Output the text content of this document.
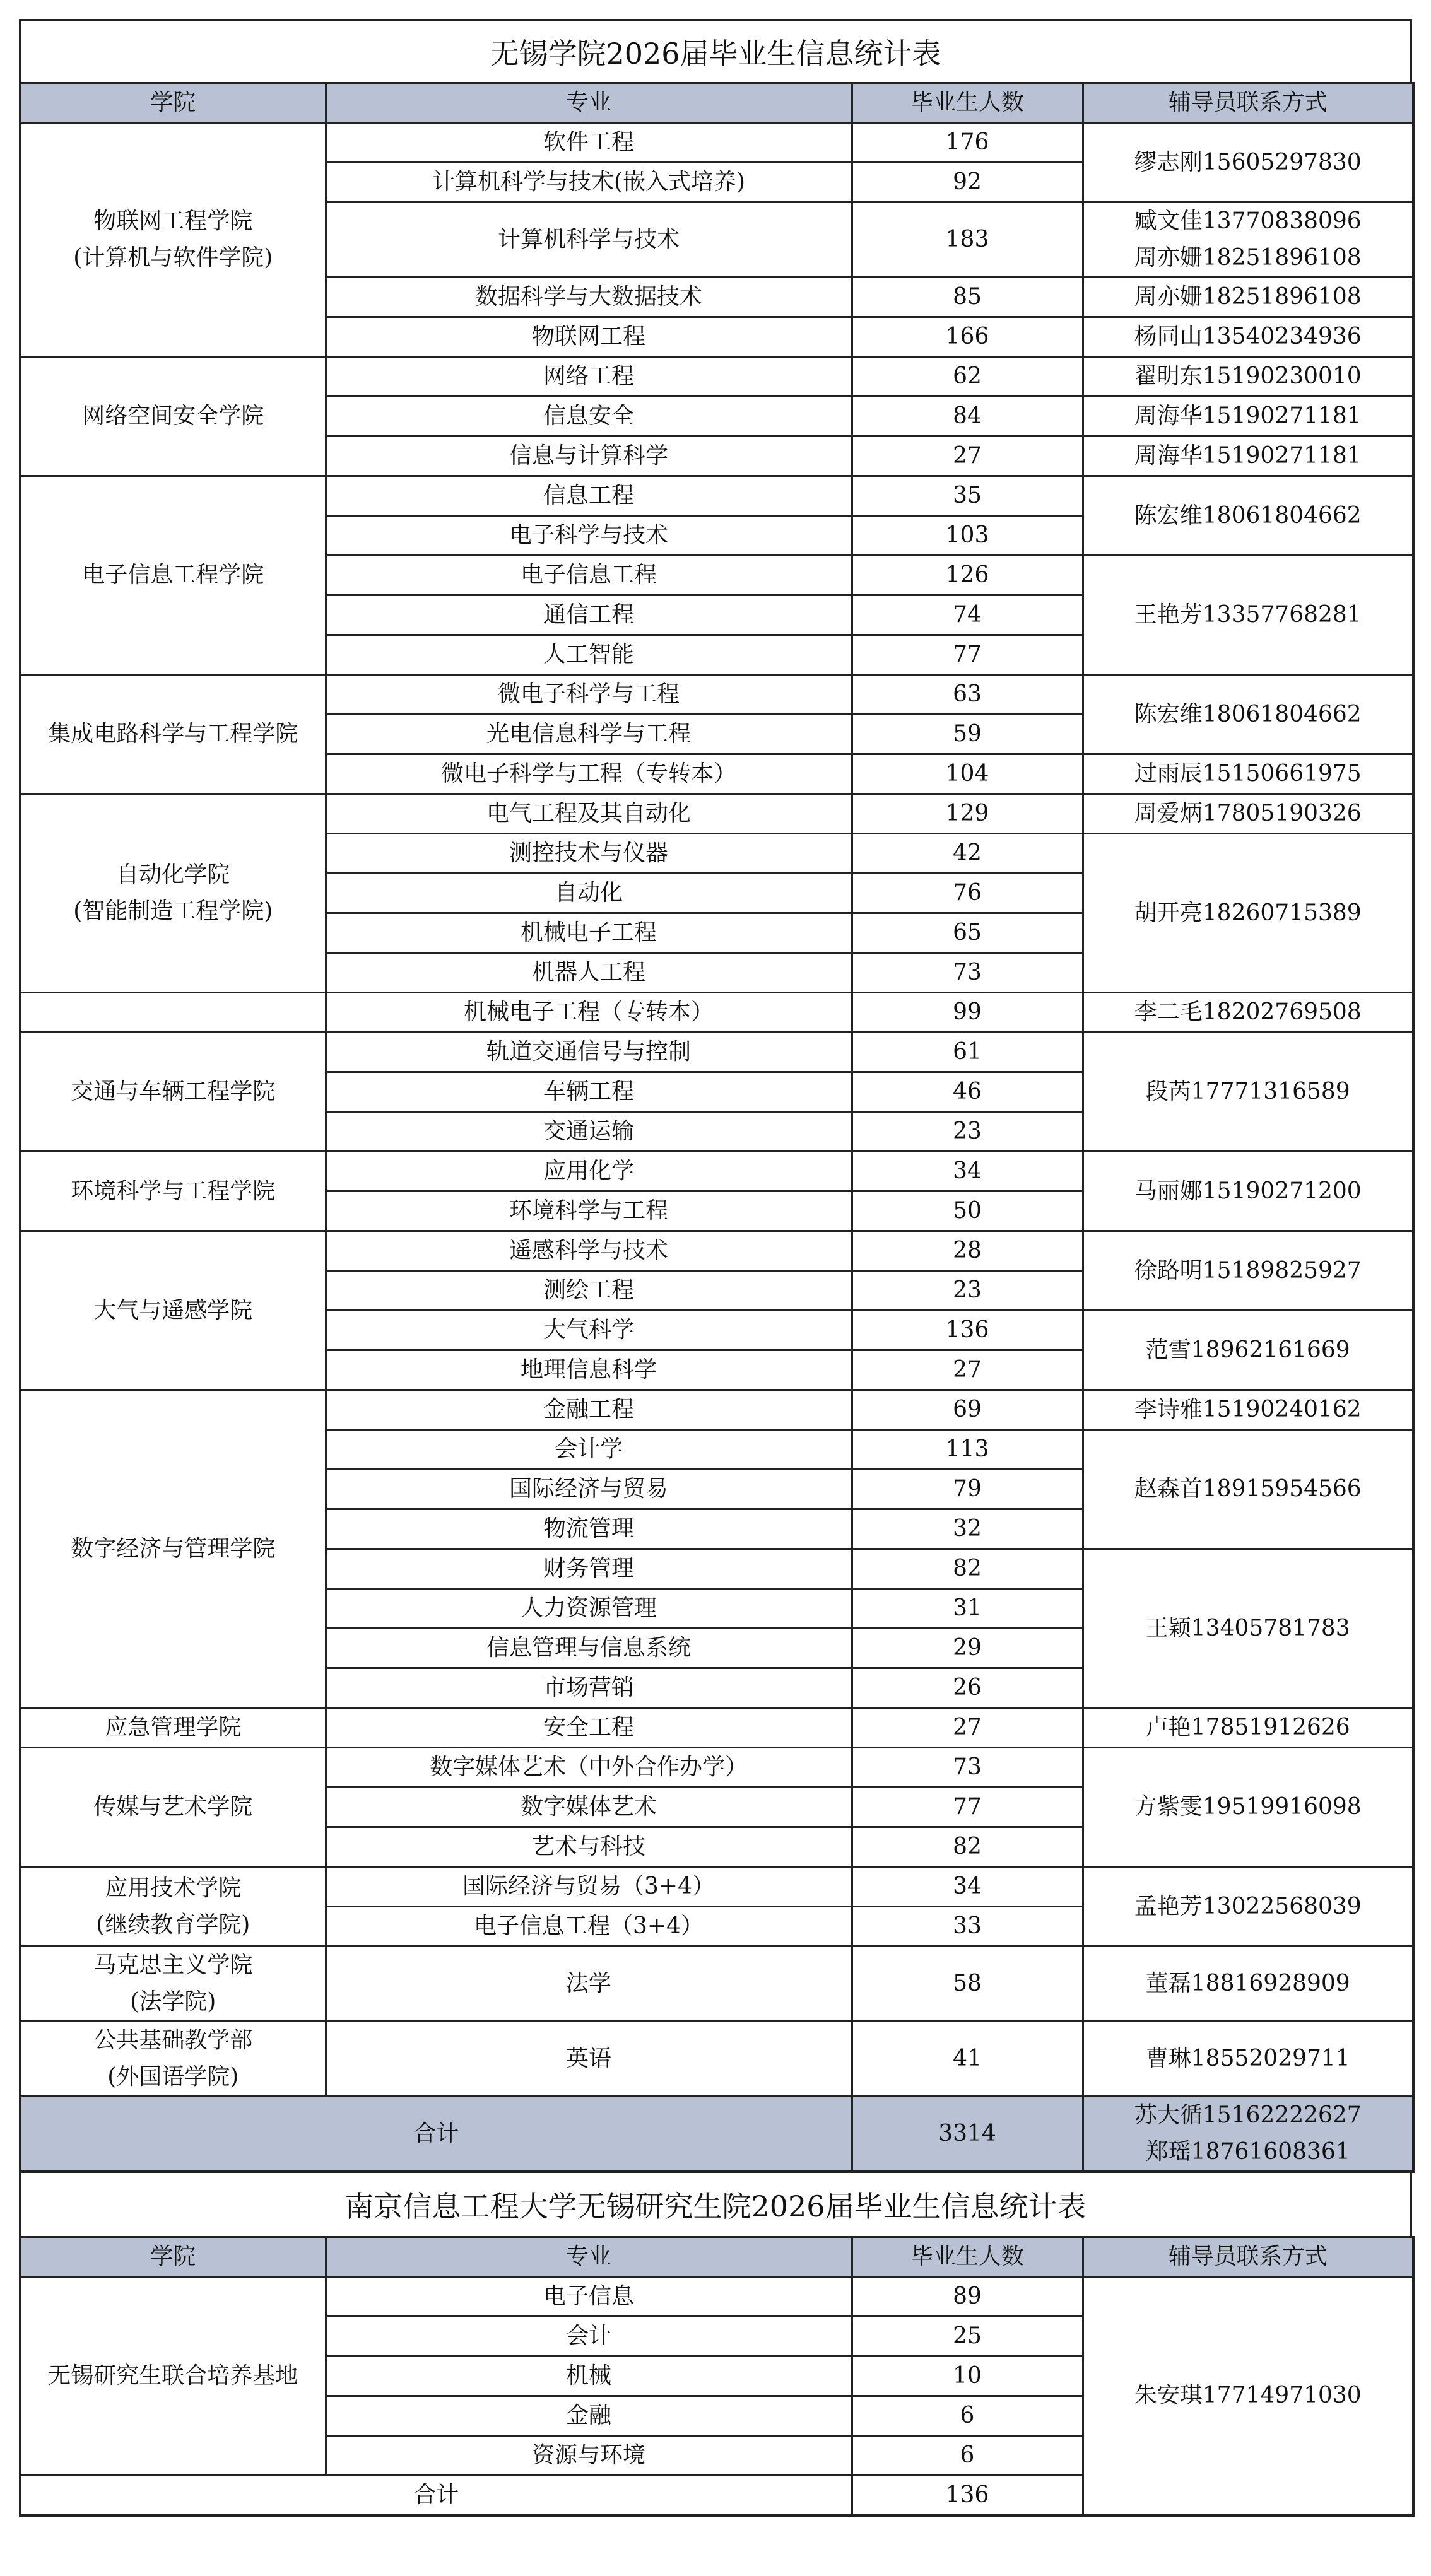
无锡学院2026届毕业生信息统计表
学院	专业	毕业生人数	辅导员联系方式

物联网工程学院
(计算机与软件学院)	软件工程	176	缪志刚15605297830

	计算机科学与技术(嵌入式培养)	92	
	计算机科学与技术	183	臧文佳13770838096
周亦姗18251896108

	数据科学与大数据技术	85	周亦姗18251896108

	物联网工程	166	杨同山13540234936

网络空间安全学院	网络工程	62	翟明东15190230010

	信息安全	84	周海华15190271181

	信息与计算科学	27	周海华15190271181

电子信息工程学院	信息工程	35	陈宏维18061804662

	电子科学与技术	103	
	电子信息工程	126	王艳芳13357768281

	通信工程	74	
	人工智能	77	

集成电路科学与工程学院	微电子科学与工程	63	陈宏维18061804662

	光电信息科学与工程	59	
	微电子科学与工程（专转本）	104	过雨辰15150661975

自动化学院
(智能制造工程学院)	电气工程及其自动化	129	周爱炳17805190326

	测控技术与仪器	42	胡开亮18260715389

	自动化	76	
	机械电子工程	65	
	机器人工程	73	

	机械电子工程（专转本）	99	李二毛18202769508

交通与车辆工程学院	轨道交通信号与控制	61	段芮17771316589

	车辆工程	46	
	交通运输	23	

环境科学与工程学院	应用化学	34	马丽娜15190271200

	环境科学与工程	50	

大气与遥感学院	遥感科学与技术	28	徐路明15189825927

	测绘工程	23	
	大气科学	136	范雪18962161669

	地理信息科学	27	

数字经济与管理学院	金融工程	69	李诗雅15190240162

	会计学	113	赵森首18915954566

	国际经济与贸易	79	
	物流管理	32	
	财务管理	82	王颖13405781783

	人力资源管理	31	
	信息管理与信息系统	29	
	市场营销	26	

应急管理学院	安全工程	27	卢艳17851912626

传媒与艺术学院	数字媒体艺术（中外合作办学）	73	方紫雯19519916098

	数字媒体艺术	77	
	艺术与科技	82	

应用技术学院
(继续教育学院)	国际经济与贸易（3+4）	34	孟艳芳13022568039

	电子信息工程（3+4）	33	

马克思主义学院
(法学院)	法学	58	董磊18816928909

公共基础教学部
(外国语学院)	英语	41	曹琳18552029711

合计		3314	苏大循15162222627
郑瑶18761608361
南京信息工程大学无锡研究生院2026届毕业生信息统计表
学院	专业	毕业生人数	辅导员联系方式
无锡研究生联合培养基地	电子信息	89	朱安琪17714971030
	会计	25	
	机械	10	
	金融	6	
	资源与环境	6	
合计		136	
